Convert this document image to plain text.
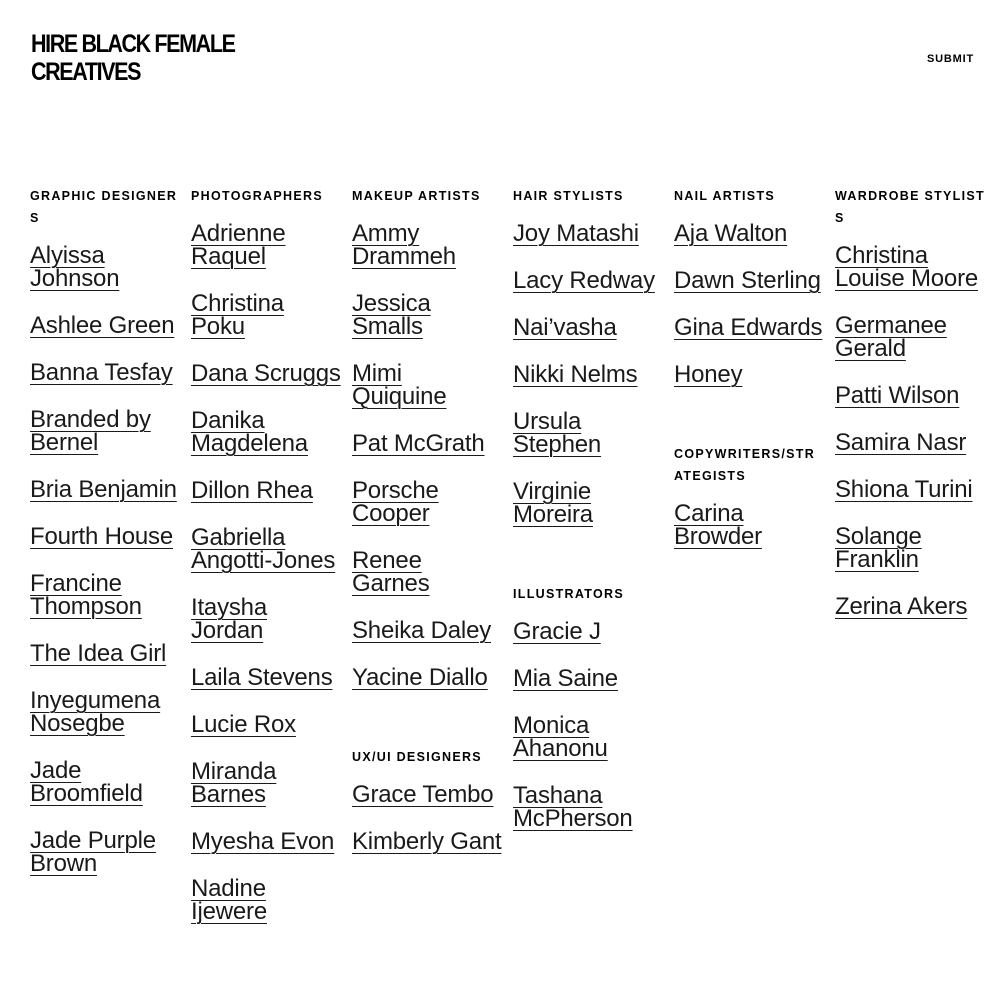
HIRE BLACK FEMALE
CREATIVES	SUBMIT
GRAPHIC DESIGNERS
Alyissa Johnson
Ashlee Green
Banna Tesfay
Branded by Bernel
Bria Benjamin
Fourth House
Francine Thompson
The Idea Girl
Inyegumena Nosegbe
Jade Broomfield
Jade Purple Brown
PHOTOGRAPHERS
Adrienne Raquel
Christina Poku
Dana Scruggs
Danika Magdelena
Dillon Rhea
Gabriella Angotti-Jones
Itaysha Jordan
Laila Stevens
Lucie Rox
Miranda Barnes
Myesha Evon
Nadine Ijewere
MAKEUP ARTISTS
Ammy Drammeh
Jessica Smalls
Mimi Quiquine
Pat McGrath
Porsche Cooper
Renee Garnes
Sheika Daley
Yacine Diallo
UX/UI DESIGNERS
Grace Tembo
Kimberly Gant
HAIR STYLISTS
Joy Matashi
Lacy Redway
Nai’vasha
Nikki Nelms
Ursula Stephen
Virginie Moreira
ILLUSTRATORS
Gracie J
Mia Saine
Monica Ahanonu
Tashana McPherson
NAIL ARTISTS
Aja Walton
Dawn Sterling
Gina Edwards
Honey
COPYWRITERS/STRATEGISTS
Carina Browder
WARDROBE STYLISTS
Christina Louise Moore
Germanee Gerald
Patti Wilson
Samira Nasr
Shiona Turini
Solange Franklin
Zerina Akers
